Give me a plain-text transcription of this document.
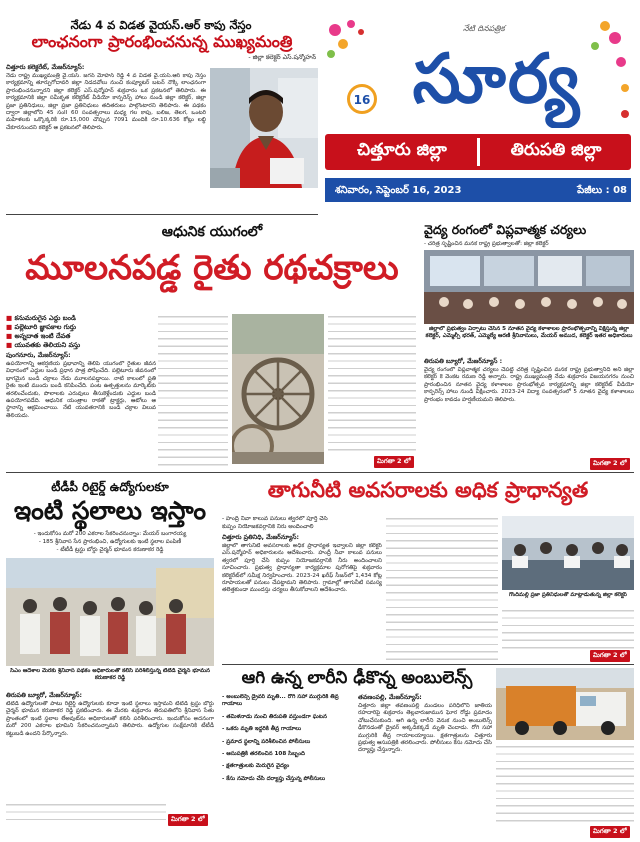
నేడు 4 వ విడత వైయస్.ఆర్ కాపు నేస్తం
లాంఛనంగా ప్రారంభించనున్న ముఖ్యమంత్రి
- జిల్లా కలెక్టర్ ఎస్.షన్మోహన్
చిత్తూరు కలెక్టరేట్, మేజర్‌న్యూస్:
నేడు రాష్ట్ర ముఖ్యమంత్రి వై.యస్. జగన్ మోహన్ రెడ్డి 4 వ విడత వై.యస్.ఆర్ కాపు నేస్తం కార్యక్రమాన్ని తూర్పుగోదావరి జిల్లా నిడదవోలు నుంచి కంప్యూటర్ బటన్ నొక్కి లాంఛనంగా ప్రారంభించనున్నారని జిల్లా కలెక్టర్ ఎస్.షన్మోహన్ శుక్రవారం ఒక ప్రకటనలో తెలిపారు. ఈ కార్యక్రమానికి జిల్లా సమీకృత కలెక్టరేట్ వీడియో కాన్ఫరెన్స్ హాలు నుండి జిల్లా కలెక్టర్, జిల్లా ప్రజా ప్రతినిధులు, జిల్లా ప్రజా ప్రతినిధులు తదితరులు పాల్గొంటారని తెలిపారు. ఈ పథకం ద్వారా జిల్లాలోని 45 సంII 60 సంవత్సరాలు మధ్య గల కాపు, బలిజ, తెలగ, ఒంటరి మహిళలకు ఒక్కొక్కరికి రూ.15,000 చొప్పున 7091 మందికి రూ.10.636 కోట్లు లబ్ధి చేకూరనుందని కలెక్టర్ ఆ ప్రకటనలో తెలిపారు.
నేటి దినపత్రిక
16 సూర్య
చిత్తూరు జిల్లా	తిరుపతి జిల్లా
శనివారం, సెప్టెంబర్ 16, 2023	పేజీలు : 08
ఆధునిక యుగంలో
మూలనపడ్డ రైతు రథచక్రాలు
■ కనుమరుగైన ఎద్దు బండి
■ పల్లెటూరి జ్ఞాపకాల గుర్తు
■ అన్నదాత ఇంటి దేవత
■ యువతకు తెలియని వస్తు
పుంగనూరు, మేజర్‌న్యూస్:
ఉపయోగాన్ని ఆకర్షణీయ ప్రభావాన్ని తెలిపే యుగంలో రైతుల జీవన విధానంలో ఎద్దుల బండి ప్రధాన పాత్ర పోషించేది. పల్లెటూరు జీవనంలో భాగమైన బండి చక్రాలు నేడు మూలనపడ్డాయి. నాటి కాలంలో ప్రతి రైతు ఇంటి ముందు బండి కనిపించేది. పంట ఉత్పత్తులను మార్కెట్‌కు తరలించేందుకు, పొలాలకు ఎరువులు తీసుకెళ్లేందుకు ఎద్దుల బండి ఉపయోగపడేది. ఆధునిక యంత్రాల రాకతో ట్రాక్టర్లు, ఆటోలు ఆ స్థానాన్ని ఆక్రమించాయి. నేటి యువతరానికి బండి చక్రాల విలువ తెలియదు.
మిగతా 2 లో
వైద్య రంగంలో విప్లవాత్మక చర్యలు
- చరిత్ర సృష్టించిన మనక రాష్ట్ర ప్రభుత్వాలతో: జిల్లా కలెక్టర్
జిల్లాలో ప్రభుత్వం ఏర్పాటు చేసిన 5 నూతన వైద్య కళాశాలల ప్రారంభోత్సవాన్ని వీక్షిస్తున్న జిల్లా కలెక్టర్, ఎమ్మెల్సీ భరత్, ఎమ్మెల్యే ఆరణి శ్రీనివాసులు, మేయర్ అముద, కలెక్టర్ ఇతర అధికారులు
తిరుపతి బ్యూరో, మేజర్‌న్యూస్ :
వైద్య రంగంలో విప్లవాత్మక చర్యలు చేపట్టి చరిత్ర సృష్టించిన మనక రాష్ట్ర ప్రభుత్వానిది అని జిల్లా కలెక్టర్ కె వెంకట రమణ రెడ్డి అన్నారు. రాష్ట్ర ముఖ్యమంత్రి నేడు శుక్రవారం విజయనగరం నుంచి ప్రారంభించిన నూతన వైద్య కళాశాలల ప్రారంభోత్సవ కార్యక్రమాన్ని జిల్లా కలెక్టరేట్ వీడియో కాన్ఫరెన్స్ హాలు నుండి వీక్షించారు. 2023-24 విద్యా సంవత్సరంలో 5 నూతన వైద్య కళాశాలలు ప్రారంభం కావడం హర్షణీయమని తెలిపారు.
మిగతా 2 లో
టీడీపీ రిటైర్డ్ ఉద్యోగులకూ
ఇంటి స్థలాలు ఇస్తాం
- ఇందుకోసం మరో 200 ఎకరాల సేకరించనున్నాం: మేయర్ బంగారయ్య
- 185 శ్రీనివాస సేన ప్రారంభించి, ఉద్యోగులకు ఇంటి స్థలాల పంపిణీ
- టీటీడీ ట్రస్టు బోర్డు చైర్మన్ భూమన కరుణాకర రెడ్డి
సీఎం ఆదేశాల మేరకు శ్రీనివాస పథకం అధికారులతో కలిసి పరిశీలిస్తున్న టీటీడీ చైర్మన్ భూమన కరుణాకర రెడ్డి
తిరుపతి బ్యూరో, మేజర్‌న్యూస్:
టీటీడీ ఉద్యోగులతో పాటు రిటైర్డ్ ఉద్యోగులకు కూడా ఇంటి స్థలాలు ఇస్తామని టీటీడీ ట్రస్టు బోర్డు చైర్మన్ భూమన కరుణాకర రెడ్డి ప్రకటించారు. ఈ మేరకు శుక్రవారం తిరుపతిలోని శ్రీనివాస సేతు ప్రాంతంలో ఇంటి స్థలాల లేఅవుట్‌ను అధికారులతో కలిసి పరిశీలించారు. ఇందుకోసం అదనంగా మరో 200 ఎకరాల భూమిని సేకరించనున్నామని తెలిపారు. ఉద్యోగుల సంక్షేమానికి టీటీడీ కట్టుబడి ఉందని పేర్కొన్నారు.
మిగతా 2 లో
తాగునీటి అవసరాలకు అధిక ప్రాధాన్యత
- హంద్రీ నీవా కాలువ పనులు త్వరలో పూర్తి చేసి
కుప్పం నియోజకవర్గానికి నీరు అందించాలి
చిత్తూరు ప్రతినిధి, మేజర్‌న్యూస్:
జిల్లాలో తాగునీటి అవసరాలకు అధిక ప్రాధాన్యత ఇవ్వాలని జిల్లా కలెక్టర్ ఎస్.షన్మోహన్ అధికారులను ఆదేశించారు. హంద్రీ నీవా కాలువ పనులు త్వరలో పూర్తి చేసి కుప్పం నియోజకవర్గానికి నీరు అందించాలని సూచించారు. ప్రభుత్వ ప్రాధాన్యతా కార్యక్రమాల పురోగతిపై శుక్రవారం కలెక్టరేట్‌లో సమీక్ష నిర్వహించారు. 2023-24 ఖరీఫ్ సీజన్‌లో 1,434 కోట్ల రూపాయలతో పనులు చేపట్టామని తెలిపారు. గ్రామాల్లో తాగునీటి సమస్య తలెత్తకుండా ముందస్తు చర్యలు తీసుకోవాలని ఆదేశించారు.
గొందిమల్లి ప్రజా ప్రతినిధులతో మాట్లాడుతున్న జిల్లా కలెక్టర్
మిగతా 2 లో
ఆగి ఉన్న లారీని ఢీకొన్న అంబులెన్స్
- అంబులెన్స్ డ్రైవర్ మృతి... రోగి సహా ముగ్గురికి తీవ్ర గాయాలు
- తమిళనాడు నుంచి తిరుపతి వస్తుండగా ఘటన
- ఒకరు మృతి ఇద్దరికి తీవ్ర గాయాలు
- ప్రమాద స్థలాన్ని పరిశీలించిన పోలీసులు
- ఆసుపత్రికి తరలించిన 108 సిబ్బంది
- క్షతగాత్రులకు మెరుగైన వైద్యం
- కేసు నమోదు చేసి దర్యాప్తు చేస్తున్న పోలీసులు
తవణంపల్లి, మేజర్‌న్యూస్:
చిత్తూరు జిల్లా తవణంపల్లి మండలం పరిధిలోని జాతీయ రహదారిపై శుక్రవారం తెల్లవారుజామున ఘోర రోడ్డు ప్రమాదం చోటుచేసుకుంది. ఆగి ఉన్న లారీని వెనుక నుంచి అంబులెన్స్ ఢీకొనడంతో డ్రైవర్ అక్కడికక్కడే మృతి చెందాడు. రోగి సహా ముగ్గురికి తీవ్ర గాయాలయ్యాయి. క్షతగాత్రులను చిత్తూరు ప్రభుత్వ ఆసుపత్రికి తరలించారు. పోలీసులు కేసు నమోదు చేసి దర్యాప్తు చేస్తున్నారు.
మిగతా 2 లో
